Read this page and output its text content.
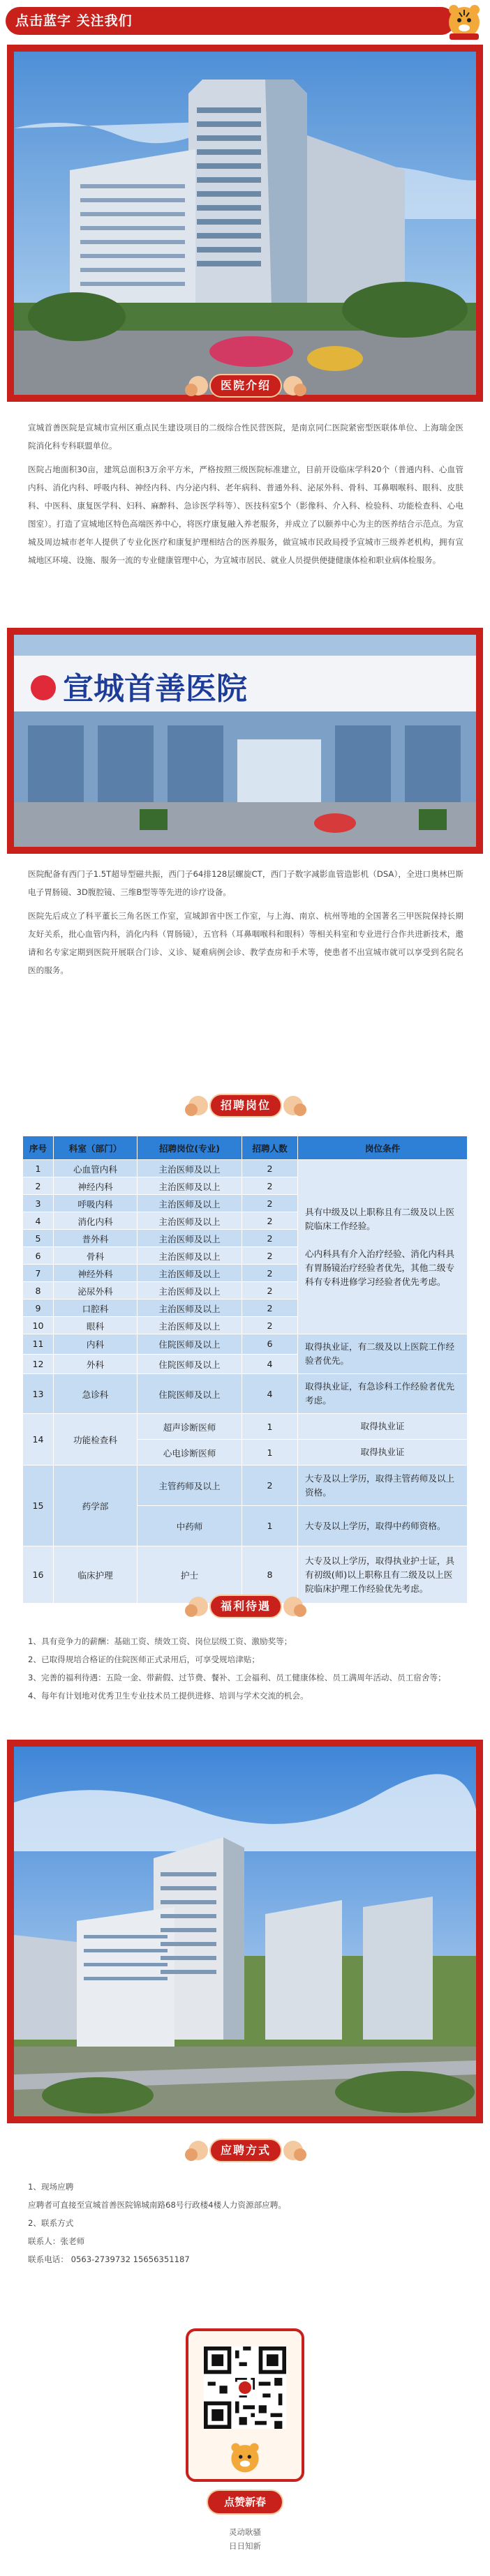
点击蓝字 关注我们
医院介绍
宣城首善医院是宣城市宣州区重点民生建设项目的二级综合性民营医院，是南京同仁医院紧密型医联体单位、上海瑞金医院消化科专科联盟单位。
医院占地面积30亩，建筑总面积3万余平方米，严格按照三级医院标准建立，目前开设临床学科20个（普通内科、心血管内科、消化内科、呼吸内科、神经内科、内分泌内科、老年病科、普通外科、泌尿外科、骨科、耳鼻咽喉科、眼科、皮肤科、中医科、康复医学科、妇科、麻醉科、急诊医学科等）、医技科室5个（影像科、介入科、检验科、功能检查科、心电图室）。打造了宣城地区特色高端医养中心，将医疗康复融入养老服务，并成立了以颐养中心为主的医养结合示范点。为宣城及周边城市老年人提供了专业化医疗和康复护理相结合的医养服务，做宣城市民政局授予宣城市三级养老机构，拥有宣城地区环境、设施、服务一流的专业健康管理中心，为宣城市居民、就业人员提供便捷健康体检和职业病体检服务。
宣城首善医院
医院配备有西门子1.5T超导型磁共振，西门子64排128层螺旋CT，西门子数字减影血管造影机（DSA），全进口奥林巴斯电子胃肠镜、3D腹腔镜、三维B型等等先进的诊疗设备。
医院先后成立了科平董长三角名医工作室，宣城卸省中医工作室，与上海、南京、杭州等地的全国著名三甲医院保持长期友好关系，批心血管内科，消化内科（胃肠镜），五官科（耳鼻咽喉科和眼科）等相关科室和专业进行合作共进新技术，邀请和名专家定期到医院开展联合门诊、义诊、疑难病例会诊、教学查房和手术等，使患者不出宣城市就可以享受到名院名医的服务。
招聘岗位
序号	科室（部门）	招聘岗位(专业)	招聘人数	岗位条件
1	心血管内科	主治医师及以上	2	具有中级及以上职称且有二级及以上医院临床工作经验。

心内科具有介入治疗经验、消化内科具有胃肠镜治疗经验者优先，其他二级专科有专科进修学习经验者优先考虑。
2	神经内科	主治医师及以上	2	
3	呼吸内科	主治医师及以上	2	
4	消化内科	主治医师及以上	2	
5	普外科	主治医师及以上	2	
6	骨科	主治医师及以上	2	
7	神经外科	主治医师及以上	2	
8	泌尿外科	主治医师及以上	2	
9	口腔科	主治医师及以上	2	
10	眼科	主治医师及以上	2	
11	内科	住院医师及以上	6	取得执业证，有二级及以上医院工作经验者优先。
12	外科	住院医师及以上	4	
13	急诊科	住院医师及以上	4	取得执业证，有急诊科工作经验者优先考虑。
14	功能检查科	超声诊断医师	1	取得执业证
		心电诊断医师	1	取得执业证
15	药学部	主管药师及以上	2	大专及以上学历，取得主管药师及以上资格。
		中药师	1	大专及以上学历，取得中药师资格。
16	临床护理	护士	8	大专及以上学历，取得执业护士证，具有初级(师)以上职称且有二级及以上医院临床护理工作经验优先考虑。
福利待遇
1、具有竞争力的薪酬：基础工资、绩效工资、岗位层级工资、激励奖等；
2、已取得规培合格证的住院医师正式录用后，可享受规培津贴；
3、完善的福利待遇：五险一金、带薪假、过节费、餐补、工会福利、员工健康体检、员工满周年活动、员工宿舍等；
4、每年有计划地对优秀卫生专业技术员工提供进修、培训与学术交流的机会。
应聘方式
1、现场应聘
应聘者可直接至宣城首善医院锦城南路68号行政楼4楼人力资源部应聘。
2、联系方式
联系人：张老师
联系电话： 0563-2739732 15656351187
点赞新春
灵动耿骚
日日知新
